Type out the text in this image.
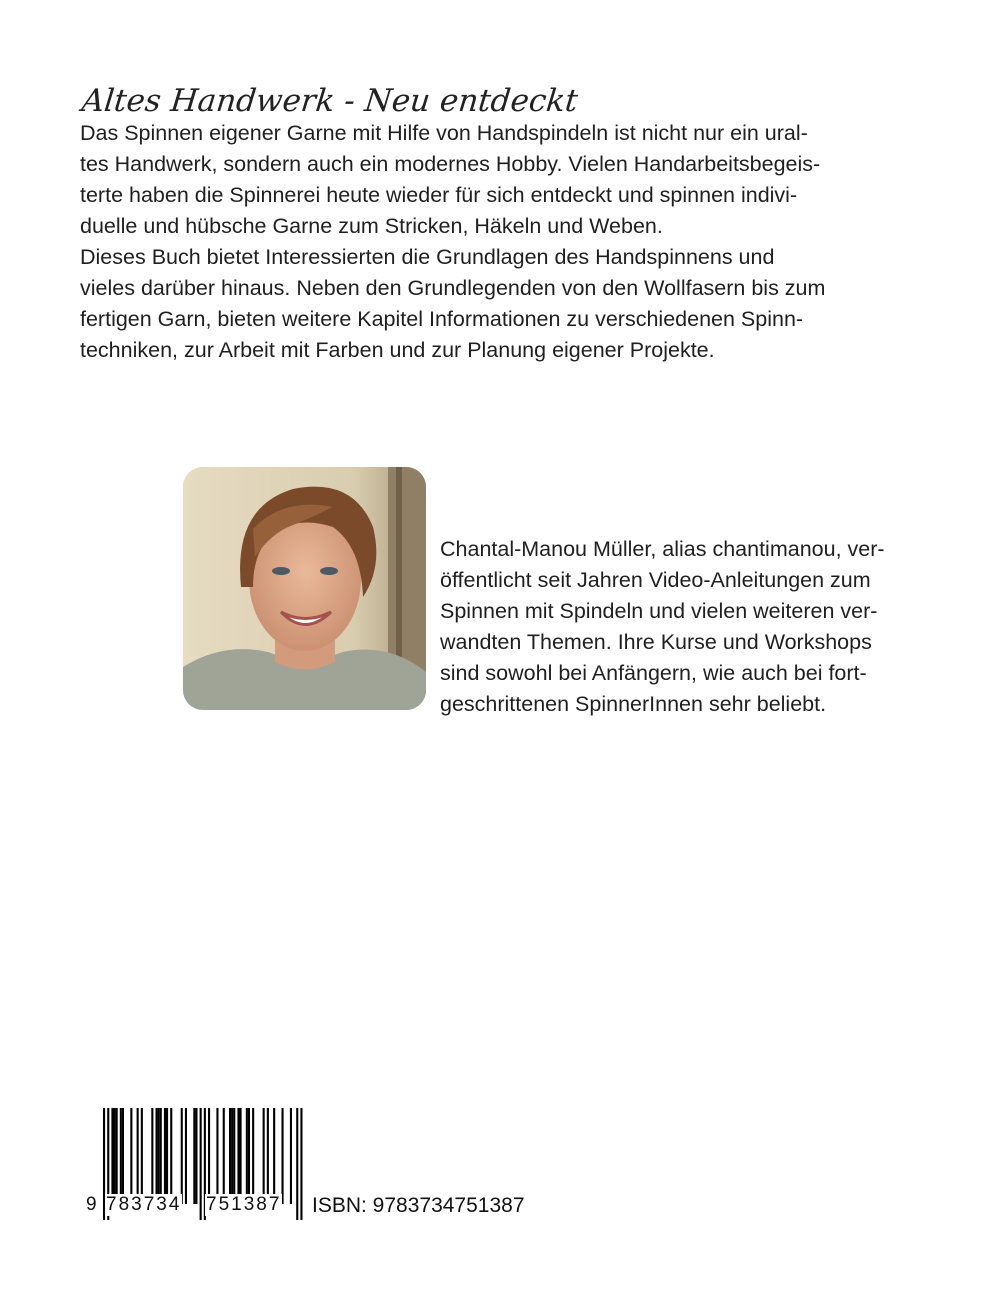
Altes Handwerk - Neu entdeckt

Das Spinnen eigener Garne mit Hilfe von Handspindeln ist nicht nur ein ural-
tes Handwerk, sondern auch ein modernes Hobby. Vielen Handarbeitsbegeis-
terte haben die Spinnerei heute wieder für sich entdeckt und spinnen indivi-
duelle und hübsche Garne zum Stricken, Häkeln und Weben.
Dieses Buch bietet Interessierten die Grundlagen des Handspinnens und
vieles darüber hinaus. Neben den Grundlegenden von den Wollfasern bis zum
fertigen Garn, bieten weitere Kapitel Informationen zu verschiedenen Spinn-
techniken, zur Arbeit mit Farben und zur Planung eigener Projekte.

Chantal-Manou Müller, alias chantimanou, ver-
öffentlicht seit Jahren Video-Anleitungen zum
Spinnen mit Spindeln und vielen weiteren ver-
wandten Themen. Ihre Kurse und Workshops
sind sowohl bei Anfängern, wie auch bei fort-
geschrittenen SpinnerInnen sehr beliebt.

9 783734 751387 ISBN: 9783734751387
